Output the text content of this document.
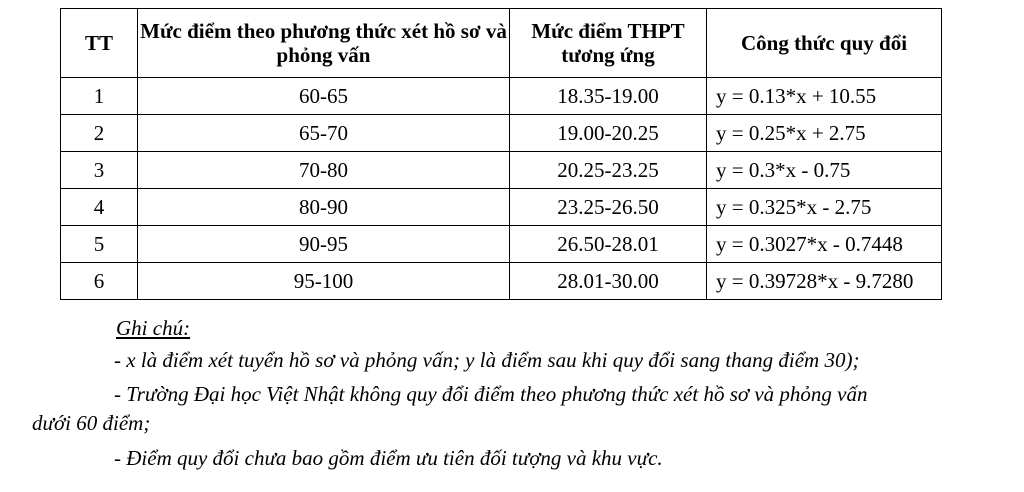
TT	Mức điểm theo phương thức xét hồ sơ và phỏng vấn	Mức điểm THPT tương ứng	Công thức quy đổi
1	60-65	18.35-19.00	y = 0.13*x + 10.55
2	65-70	19.00-20.25	y = 0.25*x + 2.75
3	70-80	20.25-23.25	y = 0.3*x - 0.75
4	80-90	23.25-26.50	y = 0.325*x - 2.75
5	90-95	26.50-28.01	y = 0.3027*x - 0.7448
6	95-100	28.01-30.00	y = 0.39728*x - 9.7280
Ghi chú:
- x là điểm xét tuyển hồ sơ và phỏng vấn; y là điểm sau khi quy đổi sang thang điểm 30);
- Trường Đại học Việt Nhật không quy đổi điểm theo phương thức xét hồ sơ và phỏng vấn
dưới 60 điểm;
- Điểm quy đổi chưa bao gồm điểm ưu tiên đối tượng và khu vực.
